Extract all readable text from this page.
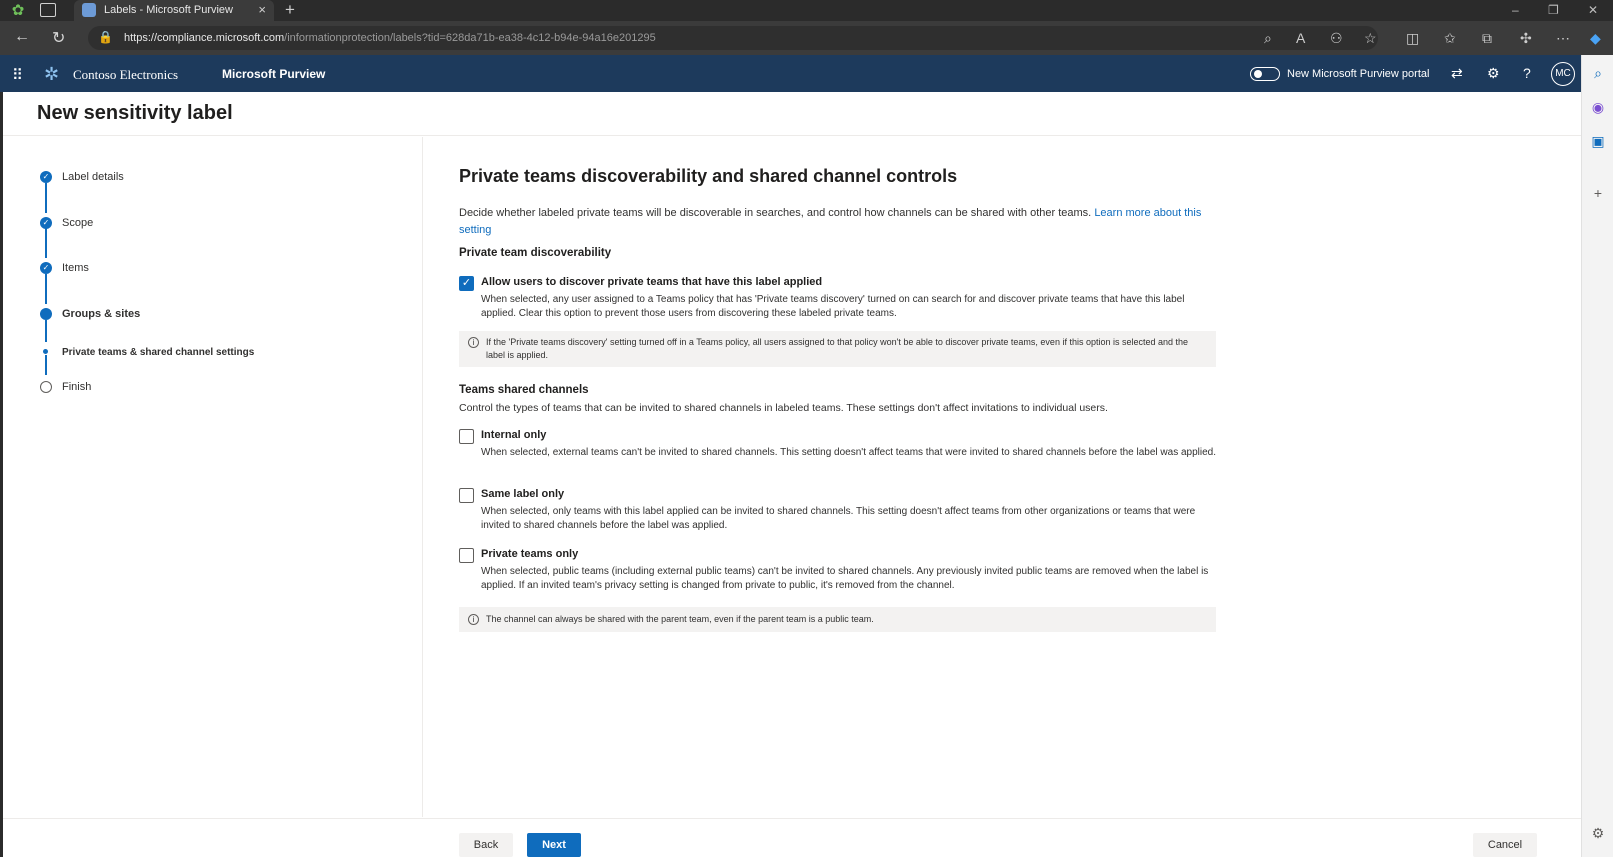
✿	Labels - Microsoft Purview × +	– ❐ ✕
← ↻	🔒 https://compliance.microsoft.com/informationprotection/labels?tid=628da71b-ea38-4c12-b94e-94a16e201295	⌕ A ⚇ ☆ ◫ ✩ ⧉ ✣ ⋯ ◆
⌕
◉
▣
+
⚙
⠿ ✲	Contoso Electronics	Microsoft Purview	New Microsoft Purview portal ⇄ ⚙ ?	MC
New sensitivity label
✓ Label details
✓ Scope
✓ Items
Groups & sites
Private teams & shared channel settings
Finish
Private teams discoverability and shared channel controls

Decide whether labeled private teams will be discoverable in searches, and control how channels can be shared with other teams. Learn more about this setting

Private team discoverability
✓ Allow users to discover private teams that have this label applied
When selected, any user assigned to a Teams policy that has 'Private teams discovery' turned on can search for and discover private teams that have this label applied. Clear this option to prevent those users from discovering these labeled private teams.
i	If the 'Private teams discovery' setting turned off in a Teams policy, all users assigned to that policy won't be able to discover private teams, even if this option is selected and the label is applied.
Teams shared channels
Control the types of teams that can be invited to shared channels in labeled teams. These settings don't affect invitations to individual users.
Internal only
When selected, external teams can't be invited to shared channels. This setting doesn't affect teams that were invited to shared channels before the label was applied.
Same label only
When selected, only teams with this label applied can be invited to shared channels. This setting doesn't affect teams from other organizations or teams that were invited to shared channels before the label was applied.
Private teams only
When selected, public teams (including external public teams) can't be invited to shared channels. Any previously invited public teams are removed when the label is applied. If an invited team's privacy setting is changed from private to public, it's removed from the channel.
i	The channel can always be shared with the parent team, even if the parent team is a public team.
Back	Next	Cancel
